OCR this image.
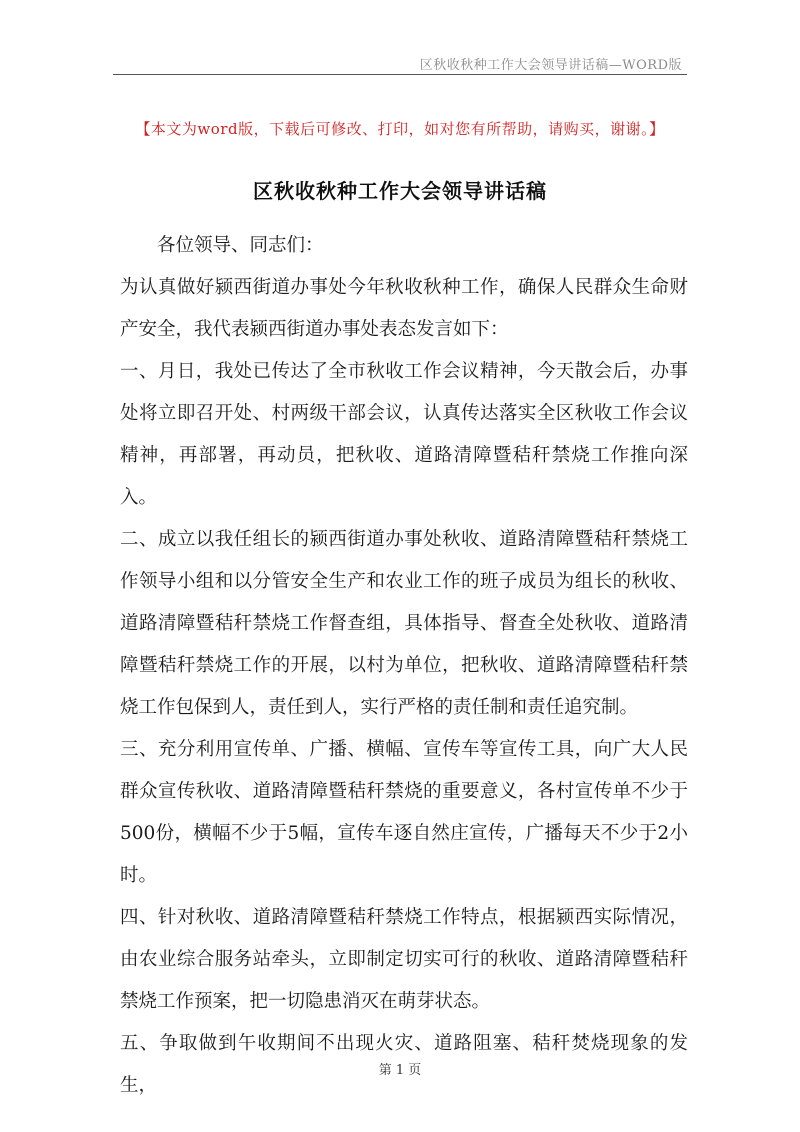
区秋收秋种工作大会领导讲话稿—WORD版
【本文为word版，下载后可修改、打印，如对您有所帮助，请购买，谢谢。】
区秋收秋种工作大会领导讲话稿

各位领导、同志们：

为认真做好颍西街道办事处今年秋收秋种工作，确保人民群众生命财产安全，我代表颍西街道办事处表态发言如下：

一、月日，我处已传达了全市秋收工作会议精神，今天散会后，办事处将立即召开处、村两级干部会议，认真传达落实全区秋收工作会议精神，再部署，再动员，把秋收、道路清障暨秸秆禁烧工作推向深入。

二、成立以我任组长的颍西街道办事处秋收、道路清障暨秸秆禁烧工作领导小组和以分管安全生产和农业工作的班子成员为组长的秋收、道路清障暨秸秆禁烧工作督查组，具体指导、督查全处秋收、道路清障暨秸秆禁烧工作的开展，以村为单位，把秋收、道路清障暨秸秆禁烧工作包保到人，责任到人，实行严格的责任制和责任追究制。

三、充分利用宣传单、广播、横幅、宣传车等宣传工具，向广大人民群众宣传秋收、道路清障暨秸秆禁烧的重要意义，各村宣传单不少于500份，横幅不少于5幅，宣传车逐自然庄宣传，广播每天不少于2小时。

四、针对秋收、道路清障暨秸秆禁烧工作特点，根据颍西实际情况，由农业综合服务站牵头，立即制定切实可行的秋收、道路清障暨秸秆禁烧工作预案，把一切隐患消灭在萌芽状态。

五、争取做到午收期间不出现火灾、道路阻塞、秸秆焚烧现象的发生，

第 1 页
